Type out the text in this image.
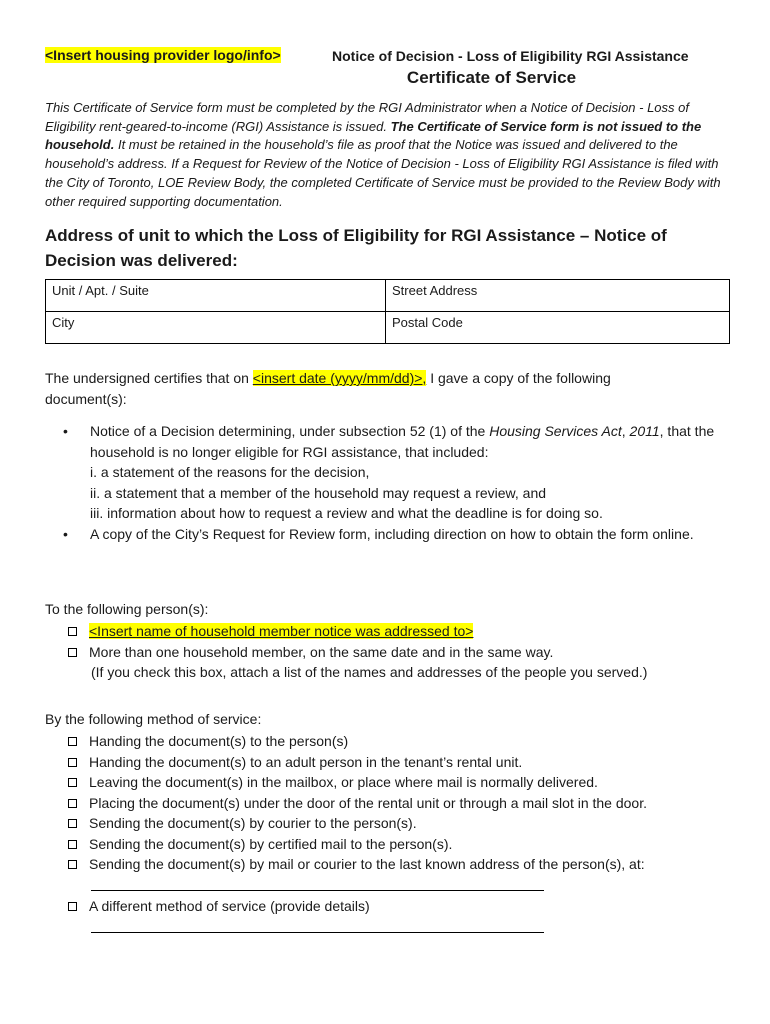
<Insert housing provider logo/info>	Notice of Decision - Loss of Eligibility RGI Assistance
Certificate of Service
This Certificate of Service form must be completed by the RGI Administrator when a Notice of Decision - Loss of Eligibility rent-geared-to-income (RGI) Assistance is issued. The Certificate of Service form is not issued to the household. It must be retained in the household’s file as proof that the Notice was issued and delivered to the household’s address. If a Request for Review of the Notice of Decision - Loss of Eligibility RGI Assistance is filed with the City of Toronto, LOE Review Body, the completed Certificate of Service must be provided to the Review Body with other required supporting documentation.
Address of unit to which the Loss of Eligibility for RGI Assistance – Notice of Decision was delivered:
Unit / Apt. / Suite	Street Address
City	Postal Code
The undersigned certifies that on <insert date (yyyy/mm/dd)>, I gave a copy of the following document(s):
• Notice of a Decision determining, under subsection 52 (1) of the Housing Services Act, 2011, that the household is no longer eligible for RGI assistance, that included:
i. a statement of the reasons for the decision,
ii. a statement that a member of the household may request a review, and
iii. information about how to request a review and what the deadline is for doing so.
• A copy of the City’s Request for Review form, including direction on how to obtain the form online.
To the following person(s):
<Insert name of household member notice was addressed to>
More than one household member, on the same date and in the same way.
(If you check this box, attach a list of the names and addresses of the people you served.)
By the following method of service:
Handing the document(s) to the person(s)
Handing the document(s) to an adult person in the tenant’s rental unit.
Leaving the document(s) in the mailbox, or place where mail is normally delivered.
Placing the document(s) under the door of the rental unit or through a mail slot in the door.
Sending the document(s) by courier to the person(s).
Sending the document(s) by certified mail to the person(s).
Sending the document(s) by mail or courier to the last known address of the person(s), at:
A different method of service (provide details)
